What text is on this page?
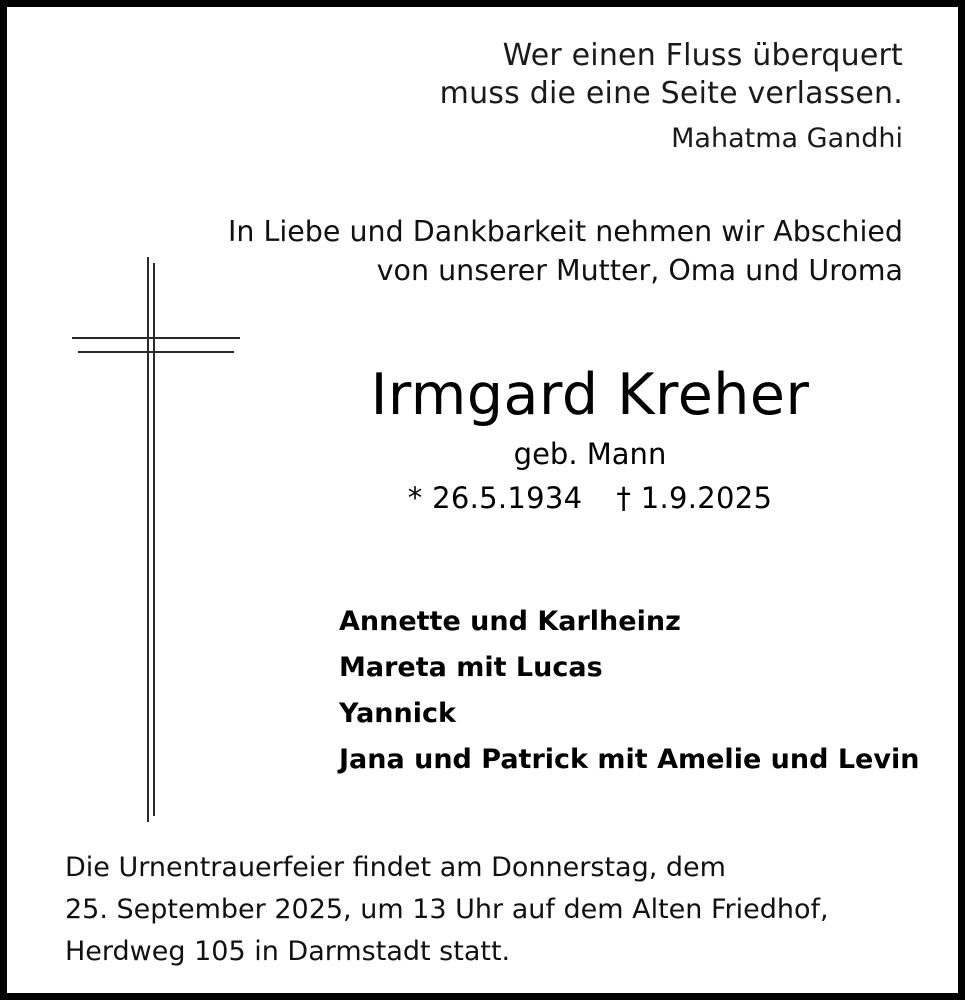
Wer einen Fluss überquert
muss die eine Seite verlassen.
Mahatma Gandhi
In Liebe und Dankbarkeit nehmen wir Abschied
von unserer Mutter, Oma und Uroma
Irmgard Kreher
geb. Mann
* 26.5.1934 † 1.9.2025
Annette und Karlheinz
Mareta mit Lucas
Yannick
Jana und Patrick mit Amelie und Levin
Die Urnentrauerfeier findet am Donnerstag, dem
25. September 2025, um 13 Uhr auf dem Alten Friedhof,
Herdweg 105 in Darmstadt statt.
